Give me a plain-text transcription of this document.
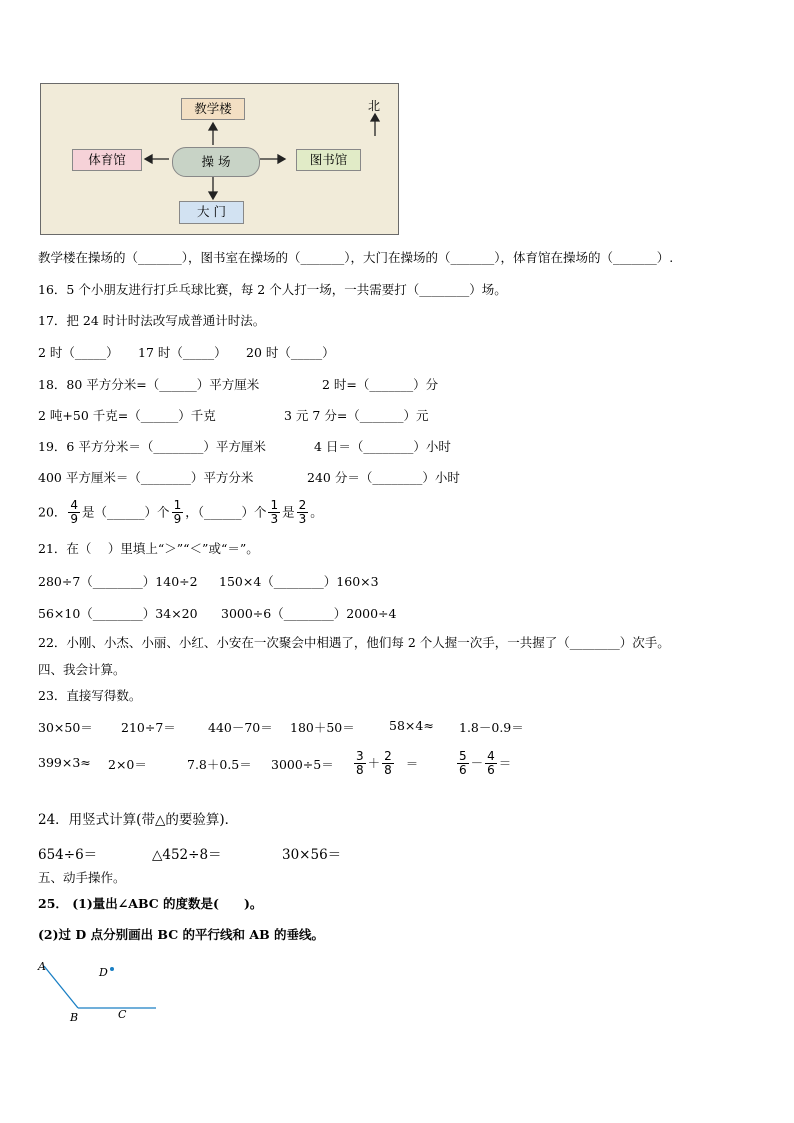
教学楼
操 场	图书馆
体育馆
大 门
北
教学楼在操场的（_______），图书室在操场的（_______），大门在操场的（_______），体育馆在操场的（_______）.
16．5 个小朋友进行打乒乓球比赛，每 2 个人打一场，一共需要打（________）场。
17．把 24 时计时法改写成普通计时法。
2 时（_____） 17 时（_____） 20 时（_____）
18．80 平方分米=（______）平方厘米	2 时=（_______）分
2 吨+50 千克=（______）千克	3 元 7 分=（_______）元
19．6 平方分米＝（________）平方厘米	4 日＝（________）小时
400 平方厘米＝（________）平方分米	240 分＝（________）小时
20． $\frac{4}{9}$ 是（______）个 $\frac{1}{9}$ ，（______）个 $\frac{1}{3}$ 是 $\frac{2}{3}$ 。
21．在（　 ）里填上“＞”“＜”或“＝”。
280÷7（________）140÷2 150×4（________）160×3
56×10（________）34×20 3000÷6（________）2000÷4
22．小刚、小杰、小丽、小红、小安在一次聚会中相遇了，他们每 2 个人握一次手，一共握了（________）次手。
四、我会计算。
23．直接写得数。
30×50＝ 210÷7＝	440－70＝ 180＋50＝	58×4≈ 1.8－0.9＝
399×3≈ 2×0＝	$7.8+0.5= 3000\div 5= \frac{3}{8} + \frac{2}{8}$ ＝	$\frac{5}{6} - \frac{4}{6}$ ＝
24．用竖式计算(带△的要验算)．
654÷6＝	△452÷8＝	30×56＝
五、动手操作。
25． (1)量出∠ABC 的度数是(　　)。
(2)过 D 点分别画出 BC 的平行线和 AB 的垂线。
A
B	C
D
